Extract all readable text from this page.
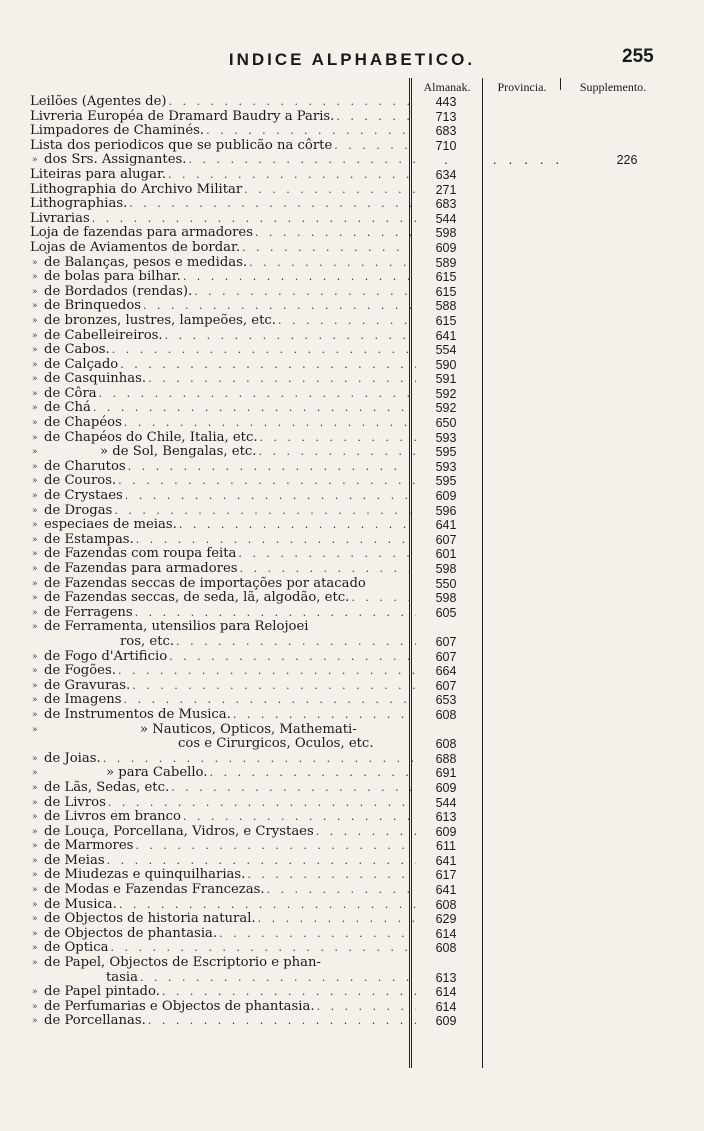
INDICE ALPHABETICO.	255
Almanak.	Provincia.	Supplemento.
Leilões (Agentes de) . . .	443
Livreria Européa de Dramard Baudry a Paris. . . .	713
Limpadores de Chaminés. . . .	683
Lista dos periodicos que se publicão na côrte . . .	710
» dos Srs. Assignantes. . . .	.	. . . . .	226
Liteiras para alugar. . . .	634
Lithographia do Archivo Militar . . .	271
Lithographias. . . .	683
Livrarias . . .	544
Loja de fazendas para armadores . . .	598
Lojas de Aviamentos de bordar. . . .	609
» de Balanças, pesos e medidas. . . .	589
» de bolas para bilhar. . . .	615
» de Bordados (rendas). . . .	615
» de Brinquedos . . .	588
» de bronzes, lustres, lampeões, etc. . . .	615
» de Cabelleireiros. . . .	641
» de Cabos. . . .	554
» de Calçado . . .	590
» de Casquinhas. . . .	591
» de Côra . . .	592
» de Chá . . .	592
» de Chapéos . . .	650
» de Chapéos do Chile, Italia, etc. . . .	593
»	» de Sol, Bengalas, etc. . . .	595
» de Charutos . . .	593
» de Couros. . . .	595
» de Crystaes . . .	609
» de Drogas . . .	596
» especiaes de meias. . . .	641
» de Estampas. . . .	607
» de Fazendas com roupa feita . . .	601
» de Fazendas para armadores . . .	598
» de Fazendas seccas de importações por atacado	550
» de Fazendas seccas, de seda, lã, algodão, etc. . . .	598
» de Ferragens . . .	605
» de Ferramenta, utensilios para Relojoei
ros, etc. . . .	607
» de Fogo d'Artificio . . .	607
» de Fogões. . . .	664
» de Gravuras. . . .	607
» de Imagens . . .	653
» de Instrumentos de Musica. . . .	608
»	» Nauticos, Opticos, Mathemati-
cos e Cirurgicos, Oculos, etc.	608
» de Joias. . . .	688
»	» para Cabello. . . .	691
» de Lãs, Sedas, etc. . . .	609
» de Livros . . .	544
» de Livros em branco . . .	613
» de Louça, Porcellana, Vidros, e Crystaes . . .	609
» de Marmores . . .	611
» de Meias . . .	641
» de Miudezas e quinquilharias. . . .	617
» de Modas e Fazendas Francezas. . . .	641
» de Musica. . . .	608
» de Objectos de historia natural. . . .	629
» de Objectos de phantasia. . . .	614
» de Optica . . .	608
» de Papel, Objectos de Escriptorio e phan-
tasia . . .	613
» de Papel pintado. . . .	614
» de Perfumarias e Objectos de phantasia. . . .	614
» de Porcellanas. . . .	609
